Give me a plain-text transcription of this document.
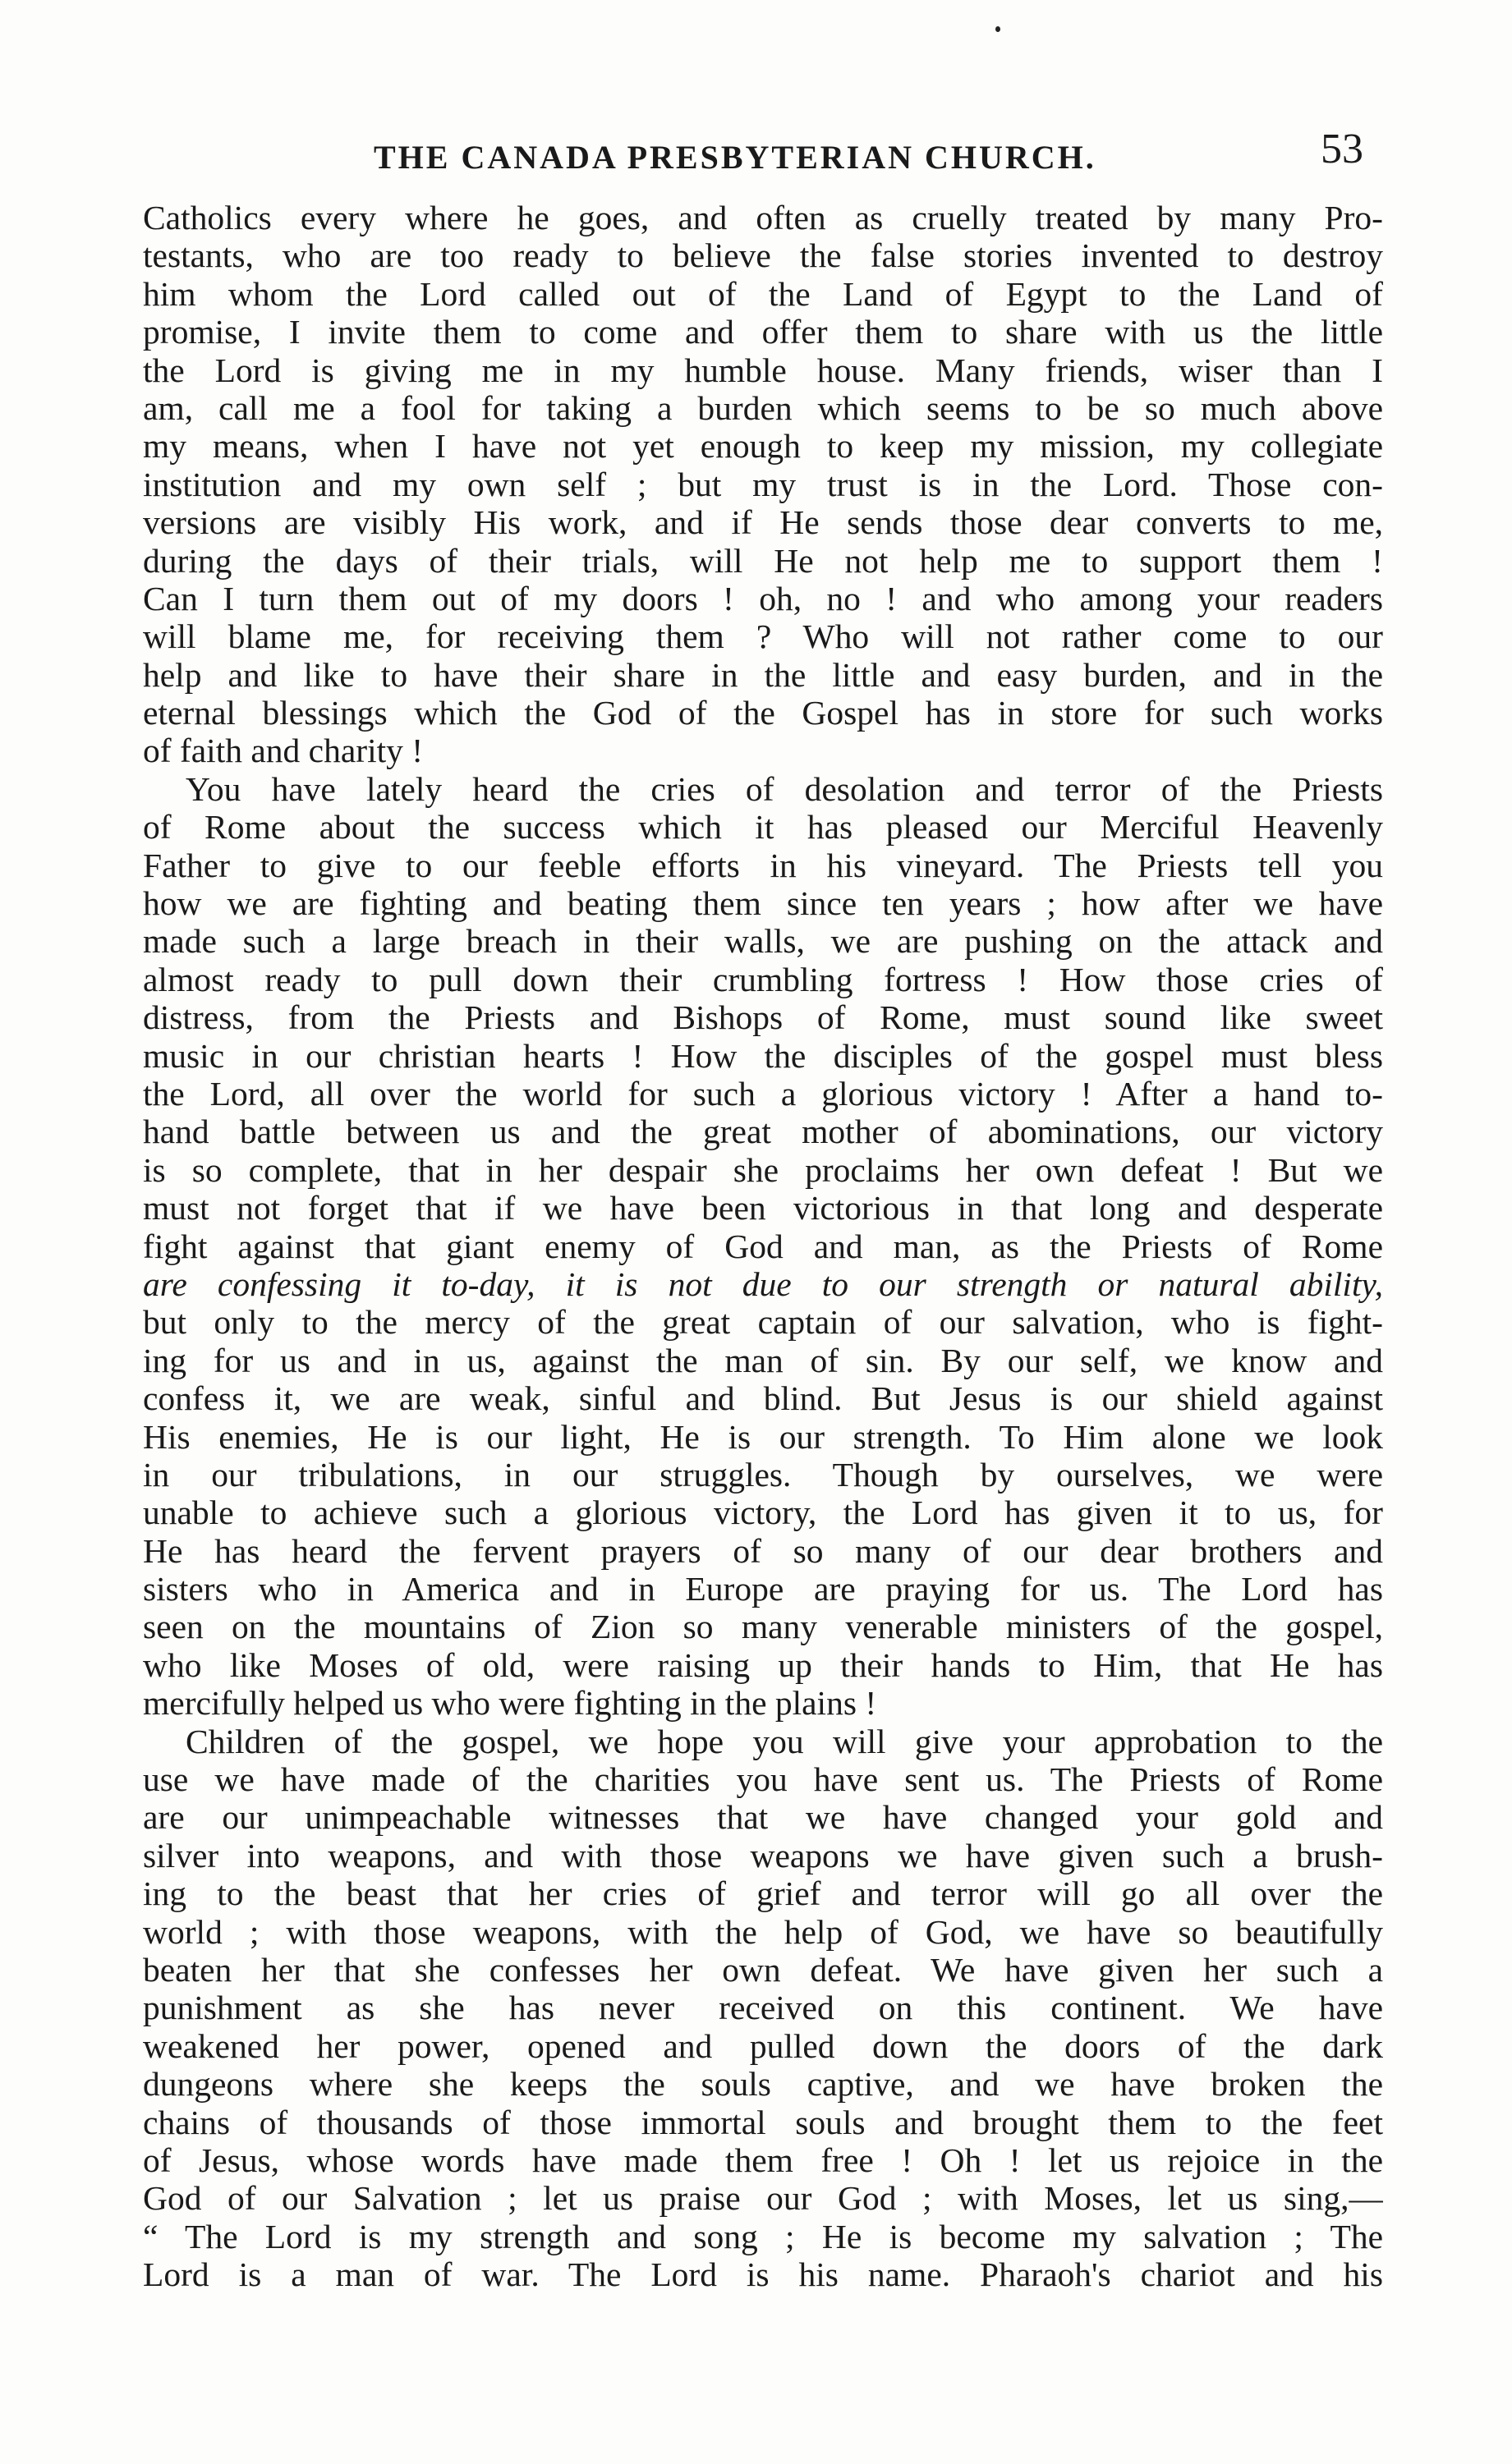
THE CANADA PRESBYTERIAN CHURCH.	53
Catholics every where he goes, and often as cruelly treated by many Pro-
testants, who are too ready to believe the false stories invented to destroy
him whom the Lord called out of the Land of Egypt to the Land of
promise, I invite them to come and offer them to share with us the little
the Lord is giving me in my humble house. Many friends, wiser than I
am, call me a fool for taking a burden which seems to be so much above
my means, when I have not yet enough to keep my mission, my collegiate
institution and my own self ; but my trust is in the Lord. Those con-
versions are visibly His work, and if He sends those dear converts to me,
during the days of their trials, will He not help me to support them !
Can I turn them out of my doors ! oh, no ! and who among your readers
will blame me, for receiving them ? Who will not rather come to our
help and like to have their share in the little and easy burden, and in the
eternal blessings which the God of the Gospel has in store for such works
of faith and charity !
You have lately heard the cries of desolation and terror of the Priests
of Rome about the success which it has pleased our Merciful Heavenly
Father to give to our feeble efforts in his vineyard. The Priests tell you
how we are fighting and beating them since ten years ; how after we have
made such a large breach in their walls, we are pushing on the attack and
almost ready to pull down their crumbling fortress ! How those cries of
distress, from the Priests and Bishops of Rome, must sound like sweet
music in our christian hearts ! How the disciples of the gospel must bless
the Lord, all over the world for such a glorious victory ! After a hand to-
hand battle between us and the great mother of abominations, our victory
is so complete, that in her despair she proclaims her own defeat ! But we
must not forget that if we have been victorious in that long and desperate
fight against that giant enemy of God and man, as the Priests of Rome
are confessing it to-day, it is not due to our strength or natural ability,
but only to the mercy of the great captain of our salvation, who is fight-
ing for us and in us, against the man of sin. By our self, we know and
confess it, we are weak, sinful and blind. But Jesus is our shield against
His enemies, He is our light, He is our strength. To Him alone we look
in our tribulations, in our struggles. Though by ourselves, we were
unable to achieve such a glorious victory, the Lord has given it to us, for
He has heard the fervent prayers of so many of our dear brothers and
sisters who in America and in Europe are praying for us. The Lord has
seen on the mountains of Zion so many venerable ministers of the gospel,
who like Moses of old, were raising up their hands to Him, that He has
mercifully helped us who were fighting in the plains !
Children of the gospel, we hope you will give your approbation to the
use we have made of the charities you have sent us. The Priests of Rome
are our unimpeachable witnesses that we have changed your gold and
silver into weapons, and with those weapons we have given such a brush-
ing to the beast that her cries of grief and terror will go all over the
world ; with those weapons, with the help of God, we have so beautifully
beaten her that she confesses her own defeat. We have given her such a
punishment as she has never received on this continent. We have
weakened her power, opened and pulled down the doors of the dark
dungeons where she keeps the souls captive, and we have broken the
chains of thousands of those immortal souls and brought them to the feet
of Jesus, whose words have made them free ! Oh ! let us rejoice in the
God of our Salvation ; let us praise our God ; with Moses, let us sing,—
“ The Lord is my strength and song ; He is become my salvation ; The
Lord is a man of war. The Lord is his name. Pharaoh's chariot and his
